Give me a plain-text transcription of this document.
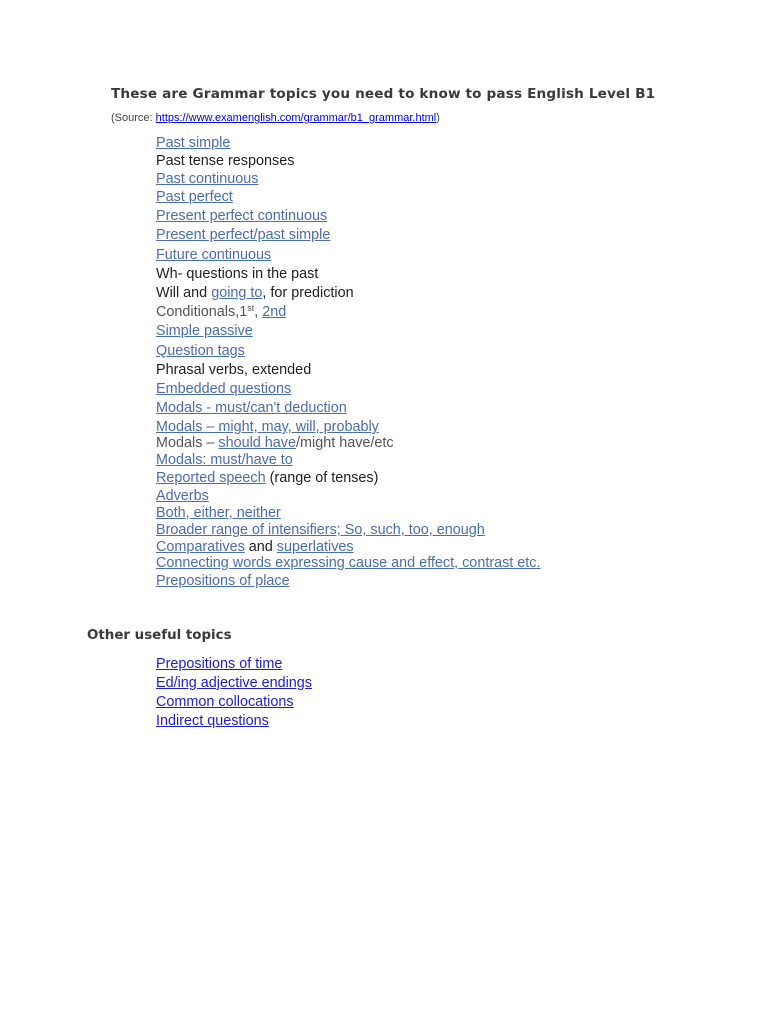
These are Grammar topics you need to know to pass English Level B1
(Source: https://www.examenglish.com/grammar/b1_grammar.html)
Past simple
Past tense responses
Past continuous
Past perfect
Present perfect continuous
Present perfect/past simple
Future continuous
Wh- questions in the past
Will and going to, for prediction
Conditionals,1st, 2nd
Simple passive
Question tags
Phrasal verbs, extended
Embedded questions
Modals - must/can't deduction
Modals – might, may, will, probably
Modals – should have/might have/etc
Modals: must/have to
Reported speech (range of tenses)
Adverbs
Both, either, neither
Broader range of intensifiers; So, such, too, enough
Comparatives and superlatives
Connecting words expressing cause and effect, contrast etc.
Prepositions of place
Other useful topics
Prepositions of time
Ed/ing adjective endings
Common collocations
Indirect questions
